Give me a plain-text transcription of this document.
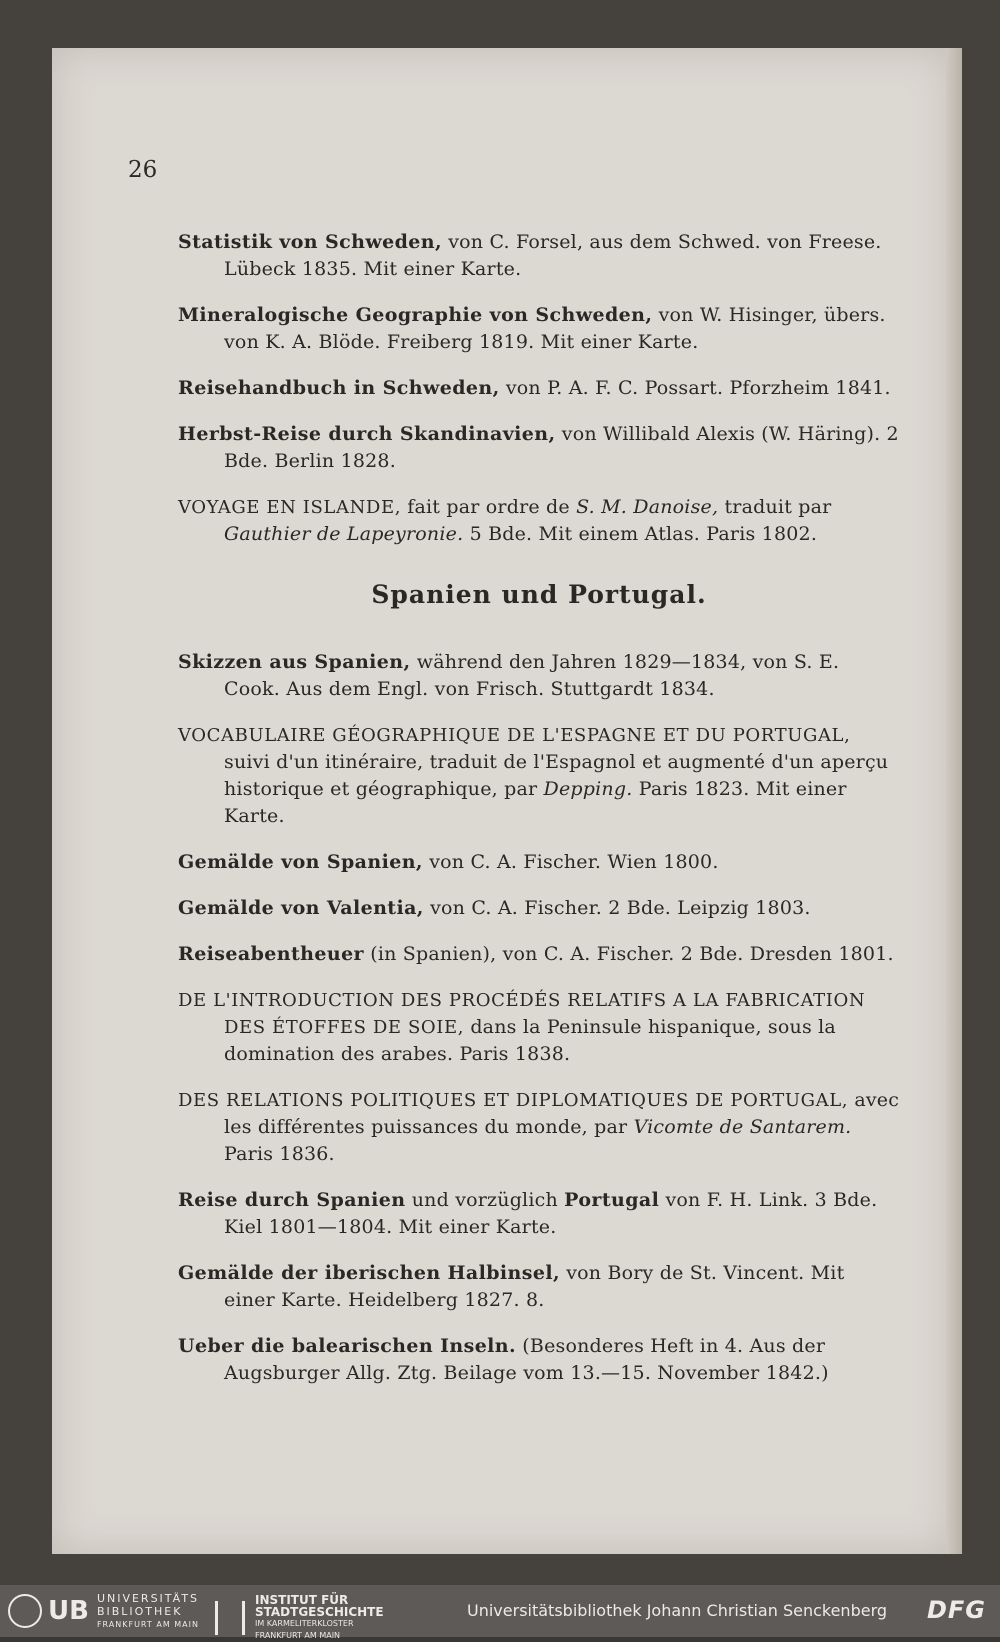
26

Statistik von Schweden, von C. Forsel, aus dem Schwed. von Freese. Lübeck 1835. Mit einer Karte.

Mineralogische Geographie von Schweden, von W. Hisinger, übers. von K. A. Blöde. Freiberg 1819. Mit einer Karte.

Reisehandbuch in Schweden, von P. A. F. C. Possart. Pforzheim 1841.

Herbst-Reise durch Skandinavien, von Willibald Alexis (W. Häring). 2 Bde. Berlin 1828.

VOYAGE EN ISLANDE, fait par ordre de S. M. Danoise, traduit par Gauthier de Lapeyronie. 5 Bde. Mit einem Atlas. Paris 1802.

Spanien und Portugal.

Skizzen aus Spanien, während den Jahren 1829—1834, von S. E. Cook. Aus dem Engl. von Frisch. Stuttgardt 1834.

VOCABULAIRE GÉOGRAPHIQUE DE L'ESPAGNE ET DU PORTUGAL, suivi d'un itinéraire, traduit de l'Espagnol et augmenté d'un aperçu historique et géographique, par Depping. Paris 1823. Mit einer Karte.

Gemälde von Spanien, von C. A. Fischer. Wien 1800.

Gemälde von Valentia, von C. A. Fischer. 2 Bde. Leipzig 1803.

Reiseabentheuer (in Spanien), von C. A. Fischer. 2 Bde. Dresden 1801.

DE L'INTRODUCTION DES PROCÉDÉS RELATIFS A LA FABRICATION DES ÉTOFFES DE SOIE, dans la Peninsule hispanique, sous la domination des arabes. Paris 1838.

DES RELATIONS POLITIQUES ET DIPLOMATIQUES DE PORTUGAL, avec les différentes puissances du monde, par Vicomte de Santarem. Paris 1836.

Reise durch Spanien und vorzüglich Portugal von F. H. Link. 3 Bde. Kiel 1801—1804. Mit einer Karte.

Gemälde der iberischen Halbinsel, von Bory de St. Vincent. Mit einer Karte. Heidelberg 1827. 8.

Ueber die balearischen Inseln. (Besonderes Heft in 4. Aus der Augsburger Allg. Ztg. Beilage vom 13.—15. November 1842.)

UB UNIVERSITÄTS
BIBLIOTHEK
FRANKFURT AM MAIN
INSTITUT FÜR
STADTGESCHICHTE
IM KARMELITERKLOSTER
FRANKFURT AM MAIN
Universitätsbibliothek Johann Christian Senckenberg DFG
